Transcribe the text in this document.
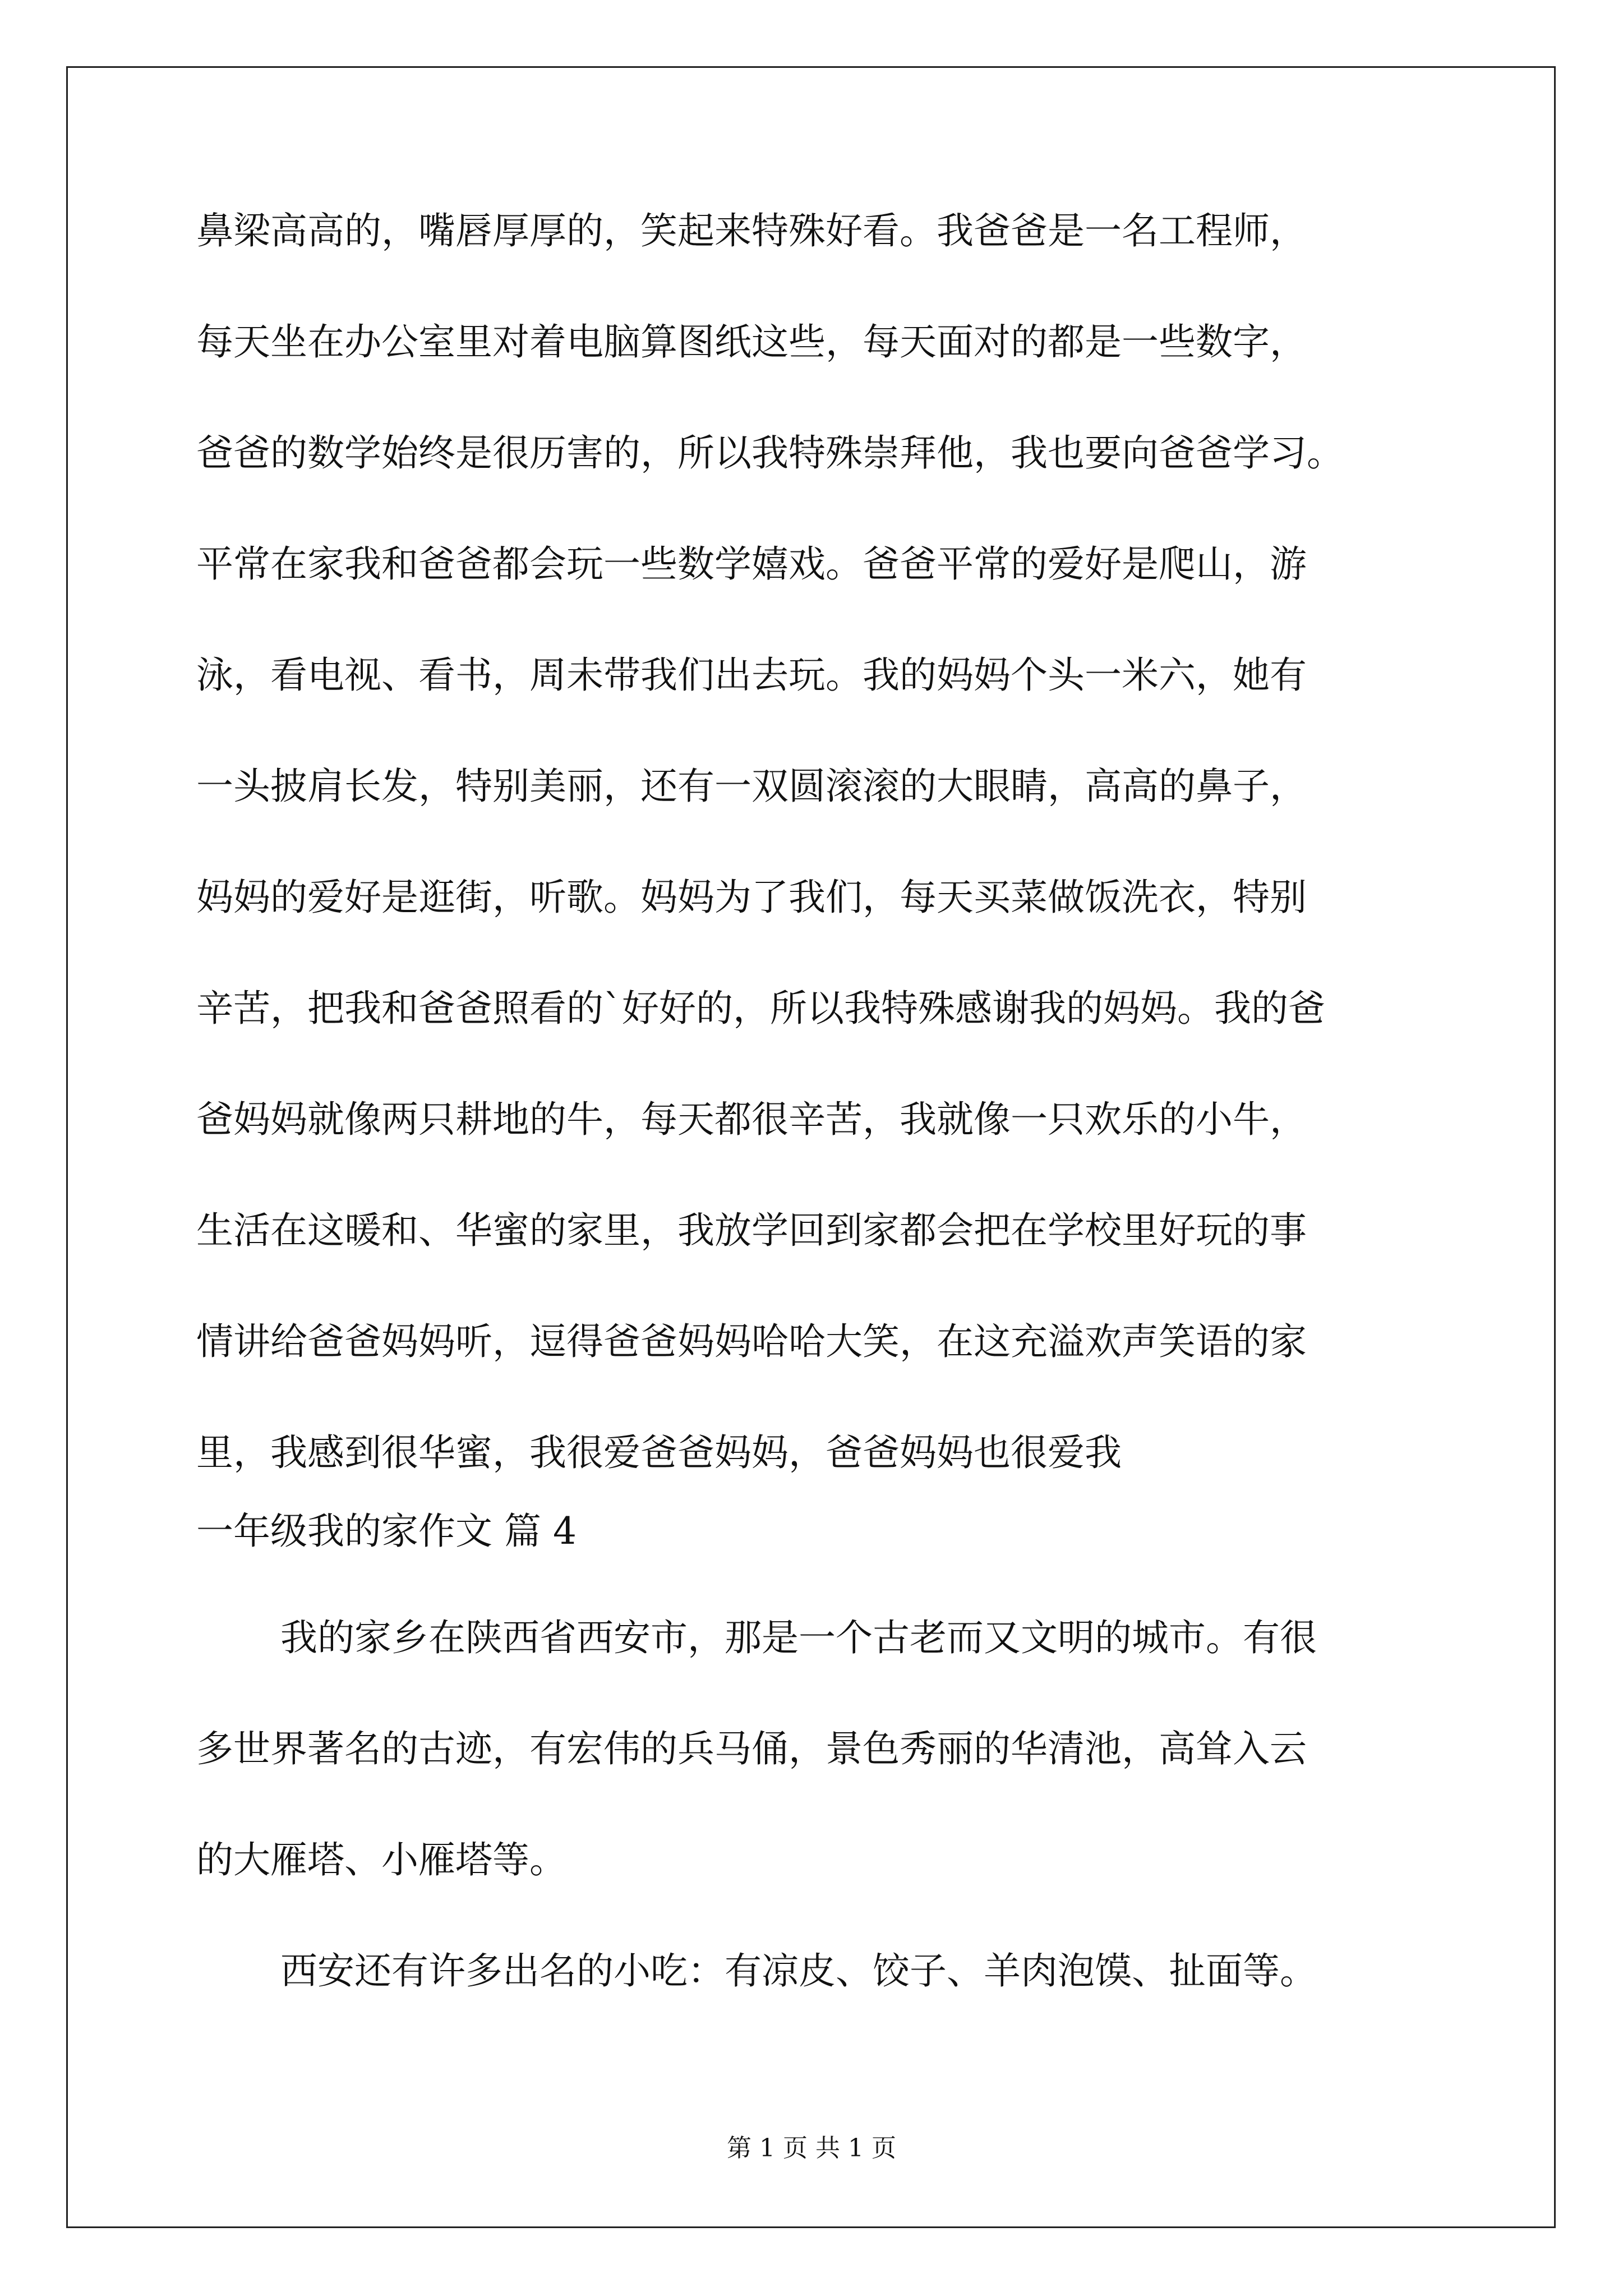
鼻梁高高的，嘴唇厚厚的，笑起来特殊好看。我爸爸是一名工程师，
每天坐在办公室里对着电脑算图纸这些，每天面对的都是一些数字，
爸爸的数学始终是很历害的，所以我特殊崇拜他，我也要向爸爸学习。
平常在家我和爸爸都会玩一些数学嬉戏。爸爸平常的爱好是爬山，游
泳，看电视、看书，周未带我们出去玩。我的妈妈个头一米六，她有
一头披肩长发，特别美丽，还有一双圆滚滚的大眼睛，高高的鼻子，
妈妈的爱好是逛街，听歌。妈妈为了我们，每天买菜做饭洗衣，特别
辛苦，把我和爸爸照看的`好好的，所以我特殊感谢我的妈妈。我的爸
爸妈妈就像两只耕地的牛，每天都很辛苦，我就像一只欢乐的小牛，
生活在这暖和、华蜜的家里，我放学回到家都会把在学校里好玩的事
情讲给爸爸妈妈听，逗得爸爸妈妈哈哈大笑，在这充溢欢声笑语的家
里，我感到很华蜜，我很爱爸爸妈妈，爸爸妈妈也很爱我
一年级我的家作文 篇 4
我的家乡在陕西省西安市，那是一个古老而又文明的城市。有很
多世界著名的古迹，有宏伟的兵马俑，景色秀丽的华清池，高耸入云
的大雁塔、小雁塔等。
西安还有许多出名的小吃：有凉皮、饺子、羊肉泡馍、扯面等。
第 1 页 共 1 页
